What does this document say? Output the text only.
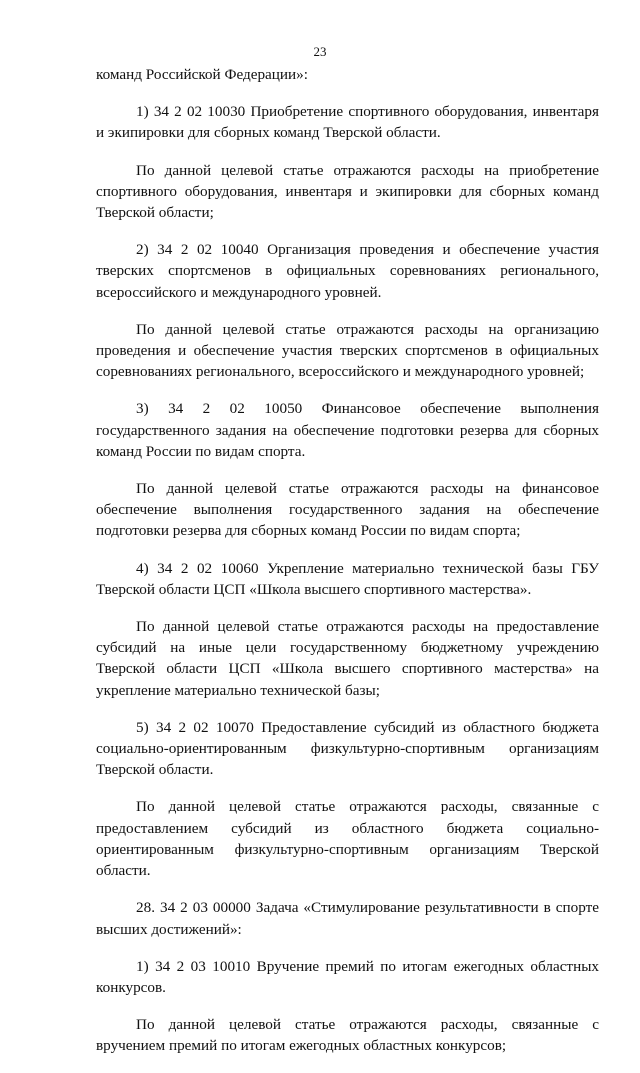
23

команд Российской Федерации»:

1) 34 2 02 10030 Приобретение спортивного оборудования, инвентаря и экипировки для сборных команд Тверской области.

По данной целевой статье отражаются расходы на приобретение спортивного оборудования, инвентаря и экипировки для сборных команд Тверской области;

2) 34 2 02 10040 Организация проведения и обеспечение участия тверских спортсменов в официальных соревнованиях регионального, всероссийского и международного уровней.

По данной целевой статье отражаются расходы на организацию проведения и обеспечение участия тверских спортсменов в официальных соревнованиях регионального, всероссийского и международного уровней;

3) 34 2 02 10050 Финансовое обеспечение выполнения государственного задания на обеспечение подготовки резерва для сборных команд России по видам спорта.

По данной целевой статье отражаются расходы на финансовое обеспечение выполнения государственного задания на обеспечение подготовки резерва для сборных команд России по видам спорта;

4) 34 2 02 10060 Укрепление материально технической базы ГБУ Тверской области ЦСП «Школа высшего спортивного мастерства».

По данной целевой статье отражаются расходы на предоставление субсидий на иные цели государственному бюджетному учреждению Тверской области ЦСП «Школа высшего спортивного мастерства» на укрепление материально технической базы;

5) 34 2 02 10070 Предоставление субсидий из областного бюджета социально-ориентированным физкультурно-спортивным организациям Тверской области.

По данной целевой статье отражаются расходы, связанные с предоставлением субсидий из областного бюджета социально-ориентированным физкультурно-спортивным организациям Тверской области.

28. 34 2 03 00000 Задача «Стимулирование результативности в спорте высших достижений»:

1) 34 2 03 10010 Вручение премий по итогам ежегодных областных конкурсов.

По данной целевой статье отражаются расходы, связанные с вручением премий по итогам ежегодных областных конкурсов;
